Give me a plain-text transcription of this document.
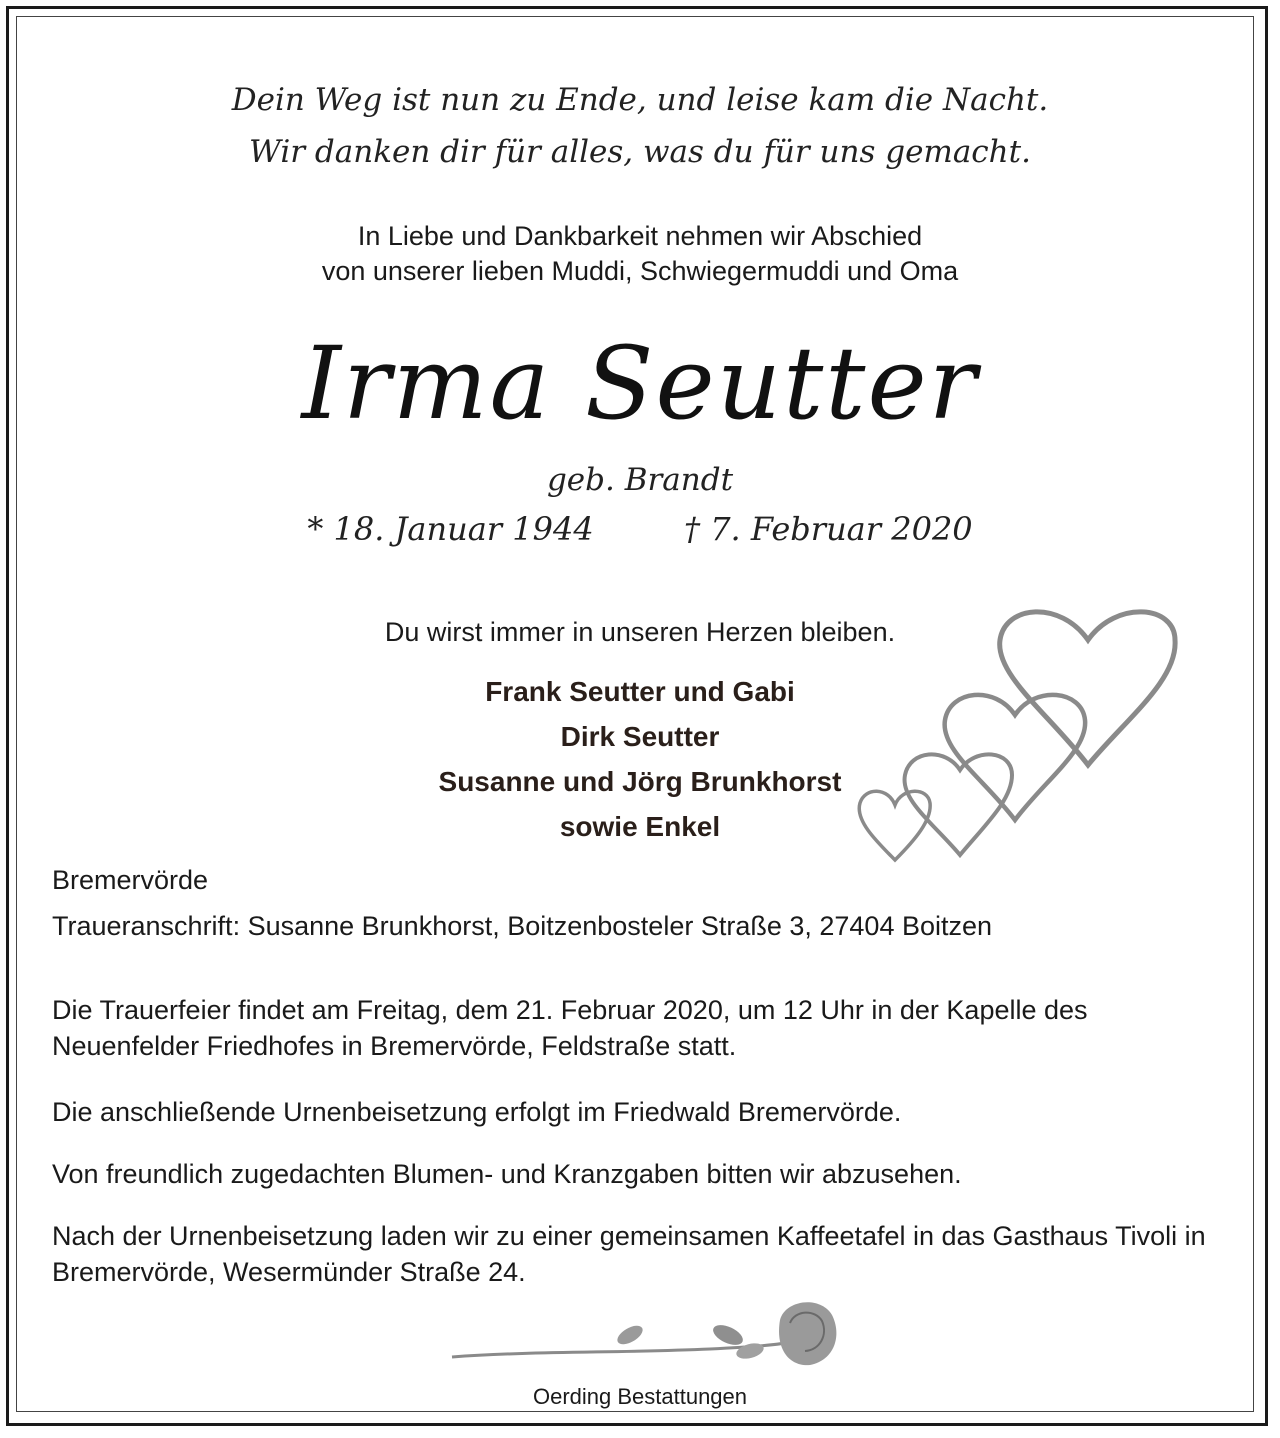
Dein Weg ist nun zu Ende, und leise kam die Nacht.
Wir danken dir für alles, was du für uns gemacht.
In Liebe und Dankbarkeit nehmen wir Abschied
von unserer lieben Muddi, Schwiegermuddi und Oma
Irma Seutter
geb. Brandt
* 18. Januar 1944	† 7. Februar 2020
Du wirst immer in unseren Herzen bleiben.
Frank Seutter und Gabi
Dirk Seutter
Susanne und Jörg Brunkhorst
sowie Enkel
Bremervörde
Traueranschrift: Susanne Brunkhorst, Boitzenbosteler Straße 3, 27404 Boitzen
Die Trauerfeier findet am Freitag, dem 21. Februar 2020, um 12 Uhr in der Kapelle des Neuenfelder Friedhofes in Bremervörde, Feldstraße statt.
Die anschließende Urnenbeisetzung erfolgt im Friedwald Bremervörde.
Von freundlich zugedachten Blumen- und Kranzgaben bitten wir abzusehen.
Nach der Urnenbeisetzung laden wir zu einer gemeinsamen Kaffeetafel in das Gasthaus Tivoli in Bremervörde, Wesermünder Straße 24.
Oerding Bestattungen
